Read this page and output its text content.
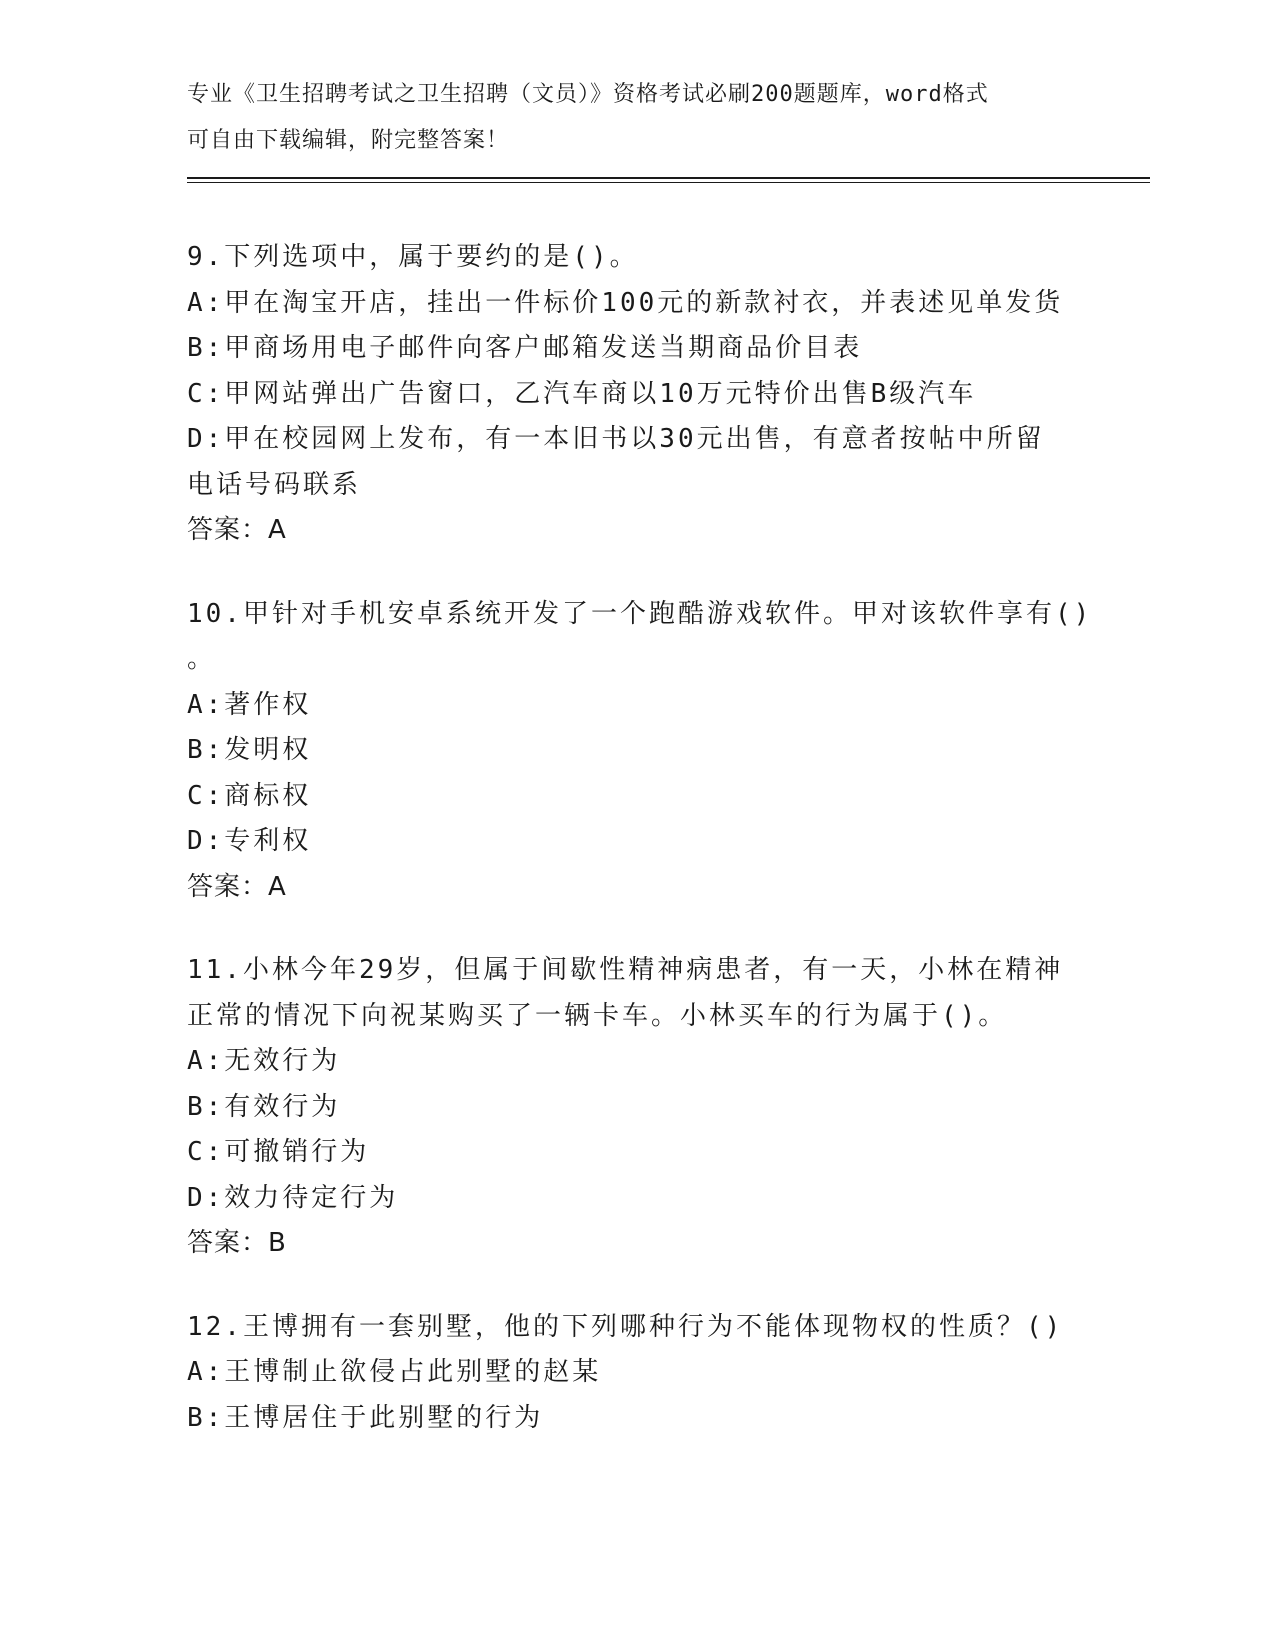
专业《卫生招聘考试之卫生招聘（文员）》资格考试必刷200题题库，word格式
可自由下载编辑，附完整答案！
9.下列选项中，属于要约的是()。
A:甲在淘宝开店，挂出一件标价100元的新款衬衣，并表述见单发货
B:甲商场用电子邮件向客户邮箱发送当期商品价目表
C:甲网站弹出广告窗口，乙汽车商以10万元特价出售B级汽车
D:甲在校园网上发布，有一本旧书以30元出售，有意者按帖中所留
电话号码联系
答案：A
10.甲针对手机安卓系统开发了一个跑酷游戏软件。甲对该软件享有()
。
A:著作权
B:发明权
C:商标权
D:专利权
答案：A
11.小林今年29岁，但属于间歇性精神病患者，有一天，小林在精神
正常的情况下向祝某购买了一辆卡车。小林买车的行为属于()。
A:无效行为
B:有效行为
C:可撤销行为
D:效力待定行为
答案：B
12.王博拥有一套别墅，他的下列哪种行为不能体现物权的性质？()
A:王博制止欲侵占此别墅的赵某
B:王博居住于此别墅的行为
